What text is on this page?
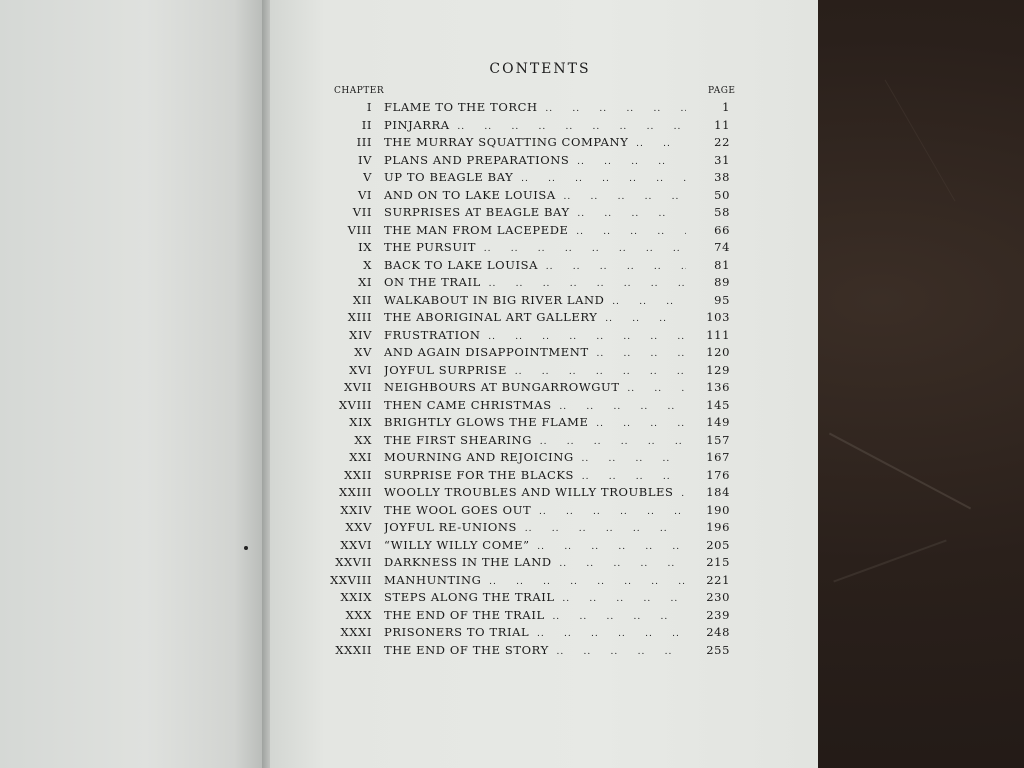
CONTENTS
CHAPTER	PAGE
I FLAME TO THE TORCH ..	1
II PINJARRA ..	11
III THE MURRAY SQUATTING COMPANY ..	22
IV PLANS AND PREPARATIONS ..	31
V UP TO BEAGLE BAY ..	38
VI AND ON TO LAKE LOUISA ..	50
VII SURPRISES AT BEAGLE BAY ..	58
VIII THE MAN FROM LACEPEDE ..	66
IX THE PURSUIT ..	74
X BACK TO LAKE LOUISA ..	81
XI ON THE TRAIL ..	89
XII WALKABOUT IN BIG RIVER LAND ..	95
XIII THE ABORIGINAL ART GALLERY ..	103
XIV FRUSTRATION ..	111
XV AND AGAIN DISAPPOINTMENT ..	120
XVI JOYFUL SURPRISE ..	129
XVII NEIGHBOURS AT BUNGARROWGUT ..	136
XVIII THEN CAME CHRISTMAS ..	145
XIX BRIGHTLY GLOWS THE FLAME ..	149
XX THE FIRST SHEARING ..	157
XXI MOURNING AND REJOICING ..	167
XXII SURPRISE FOR THE BLACKS ..	176
XXIII WOOLLY TROUBLES AND WILLY TROUBLES ..	184
XXIV THE WOOL GOES OUT ..	190
XXV JOYFUL RE-UNIONS ..	196
XXVI “WILLY WILLY COME” ..	205
XXVII DARKNESS IN THE LAND ..	215
XXVIII MANHUNTING ..	221
XXIX STEPS ALONG THE TRAIL ..	230
XXX THE END OF THE TRAIL ..	239
XXXI PRISONERS TO TRIAL ..	248
XXXII THE END OF THE STORY ..	255
